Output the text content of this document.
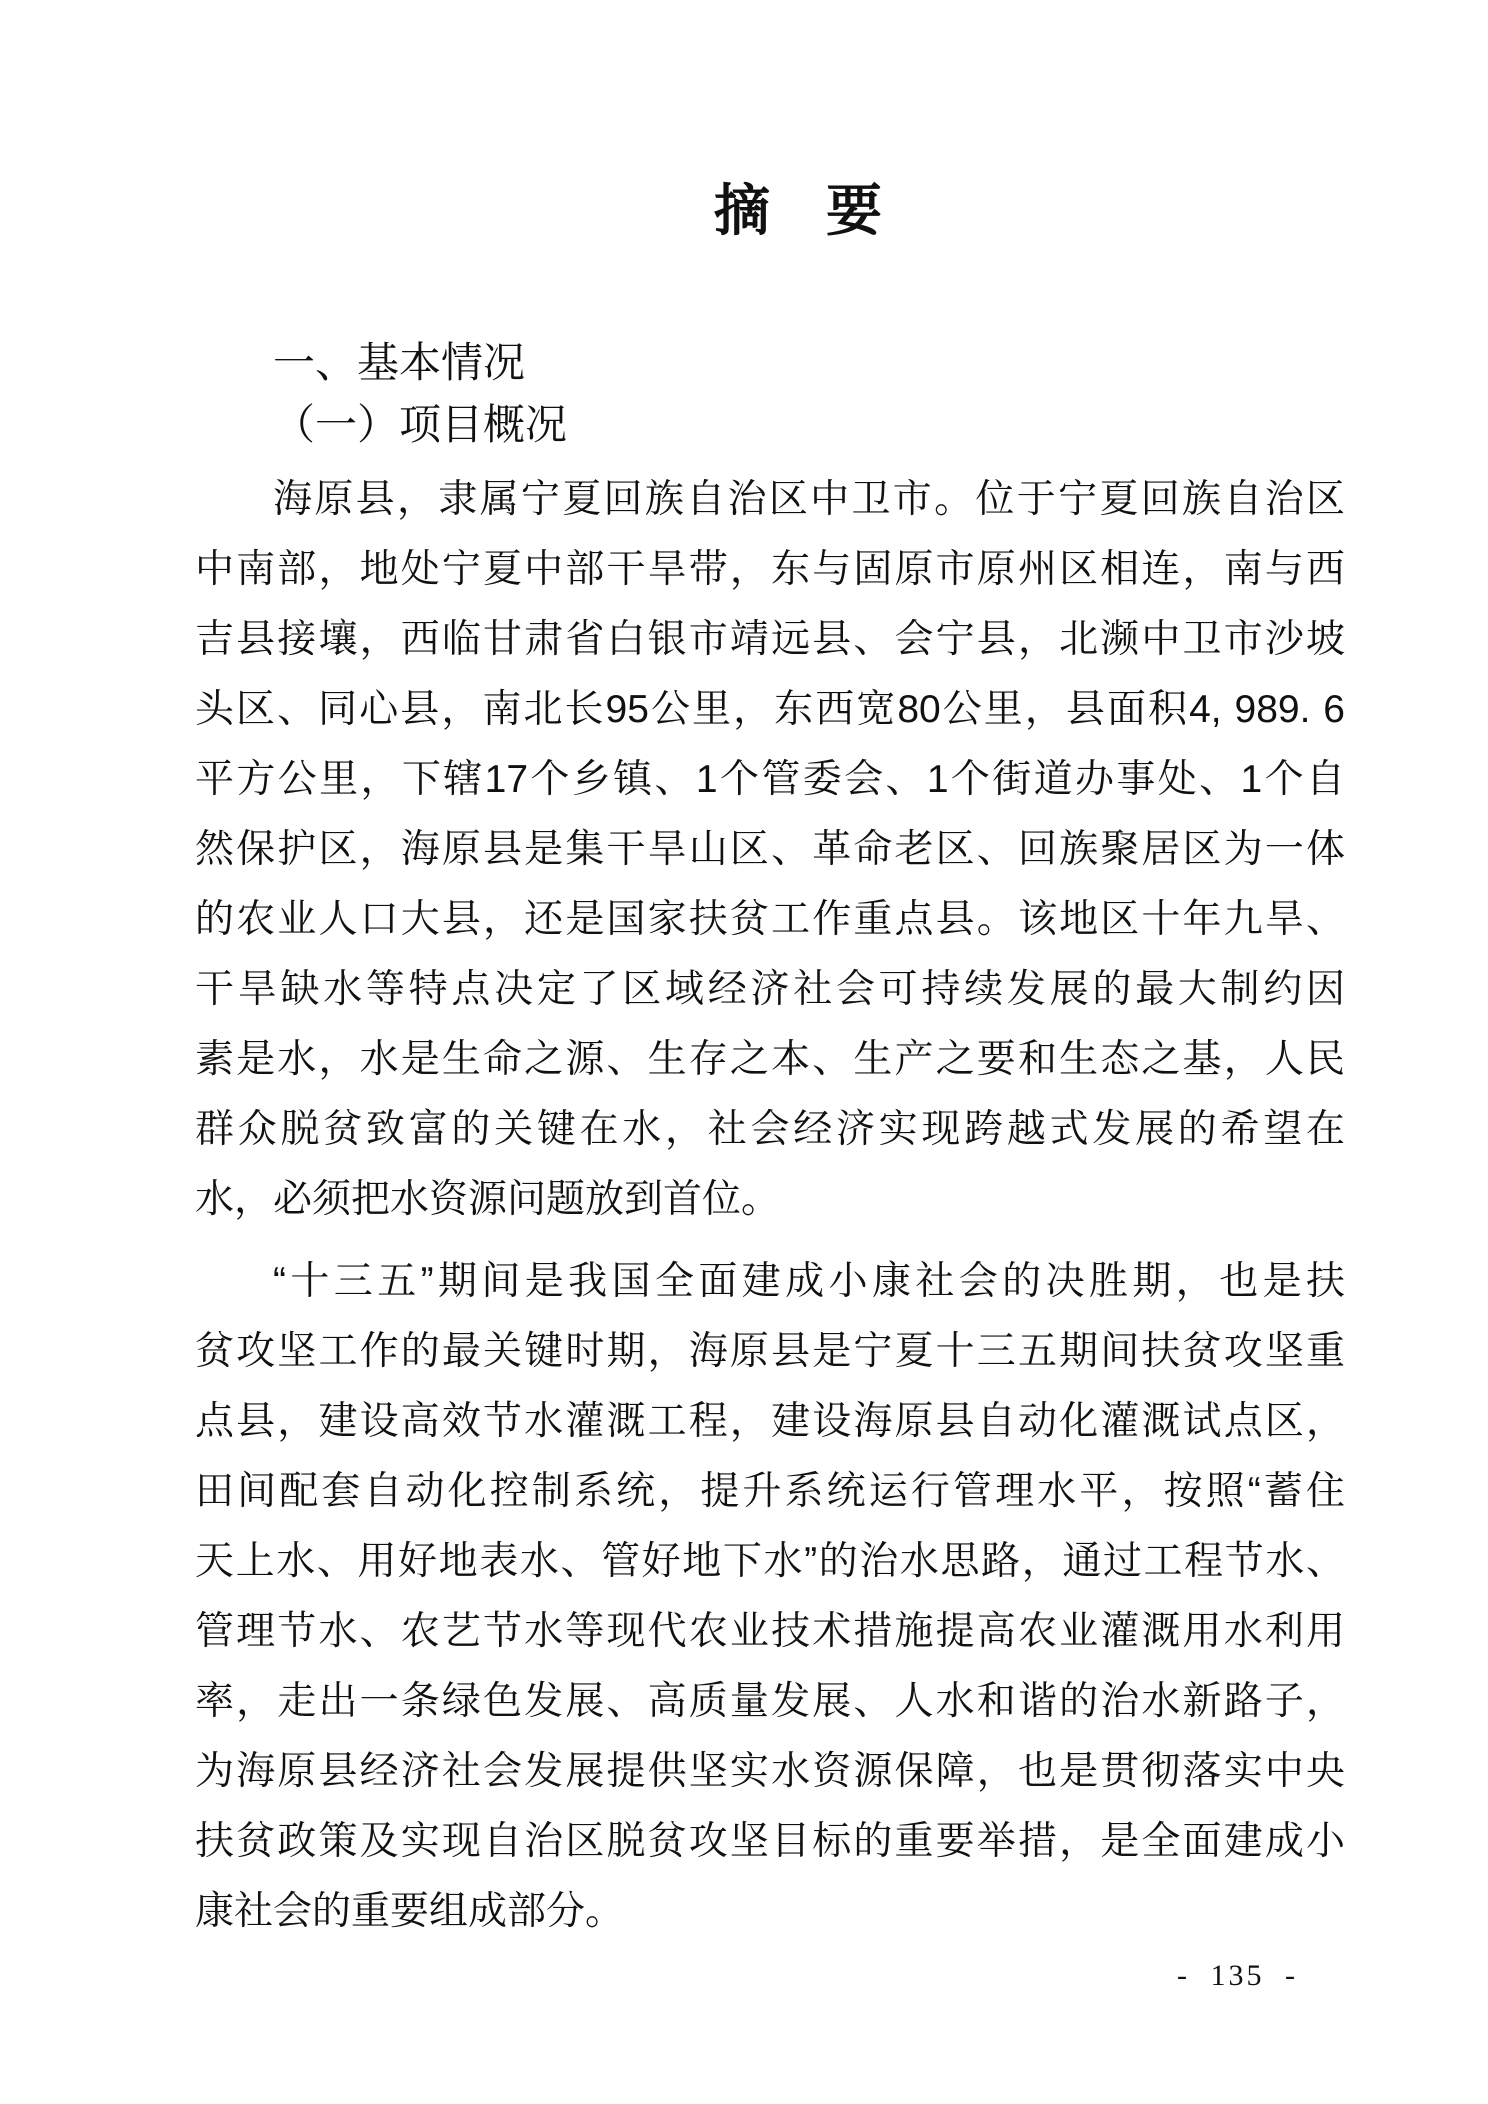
摘　要
一、基本情况
（一）项目概况
海原县，隶属宁夏回族自治区中卫市。位于宁夏回族自治区
中南部，地处宁夏中部干旱带，东与固原市原州区相连，南与西
吉县接壤，西临甘肃省白银市靖远县、会宁县，北濒中卫市沙坡
头区、同心县，南北长95公里，东西宽80公里，县面积4, 989. 6
平方公里，下辖17个乡镇、1个管委会、1个街道办事处、1个自
然保护区，海原县是集干旱山区、革命老区、回族聚居区为一体
的农业人口大县，还是国家扶贫工作重点县。该地区十年九旱、
干旱缺水等特点决定了区域经济社会可持续发展的最大制约因
素是水，水是生命之源、生存之本、生产之要和生态之基，人民
群众脱贫致富的关键在水，社会经济实现跨越式发展的希望在
水，必须把水资源问题放到首位。
“十三五”期间是我国全面建成小康社会的决胜期，也是扶
贫攻坚工作的最关键时期，海原县是宁夏十三五期间扶贫攻坚重
点县，建设高效节水灌溉工程，建设海原县自动化灌溉试点区，
田间配套自动化控制系统，提升系统运行管理水平，按照“蓄住
天上水、用好地表水、管好地下水”的治水思路，通过工程节水、
管理节水、农艺节水等现代农业技术措施提高农业灌溉用水利用
率，走出一条绿色发展、高质量发展、人水和谐的治水新路子，
为海原县经济社会发展提供坚实水资源保障，也是贯彻落实中央
扶贫政策及实现自治区脱贫攻坚目标的重要举措，是全面建成小
康社会的重要组成部分。
- 135 -
